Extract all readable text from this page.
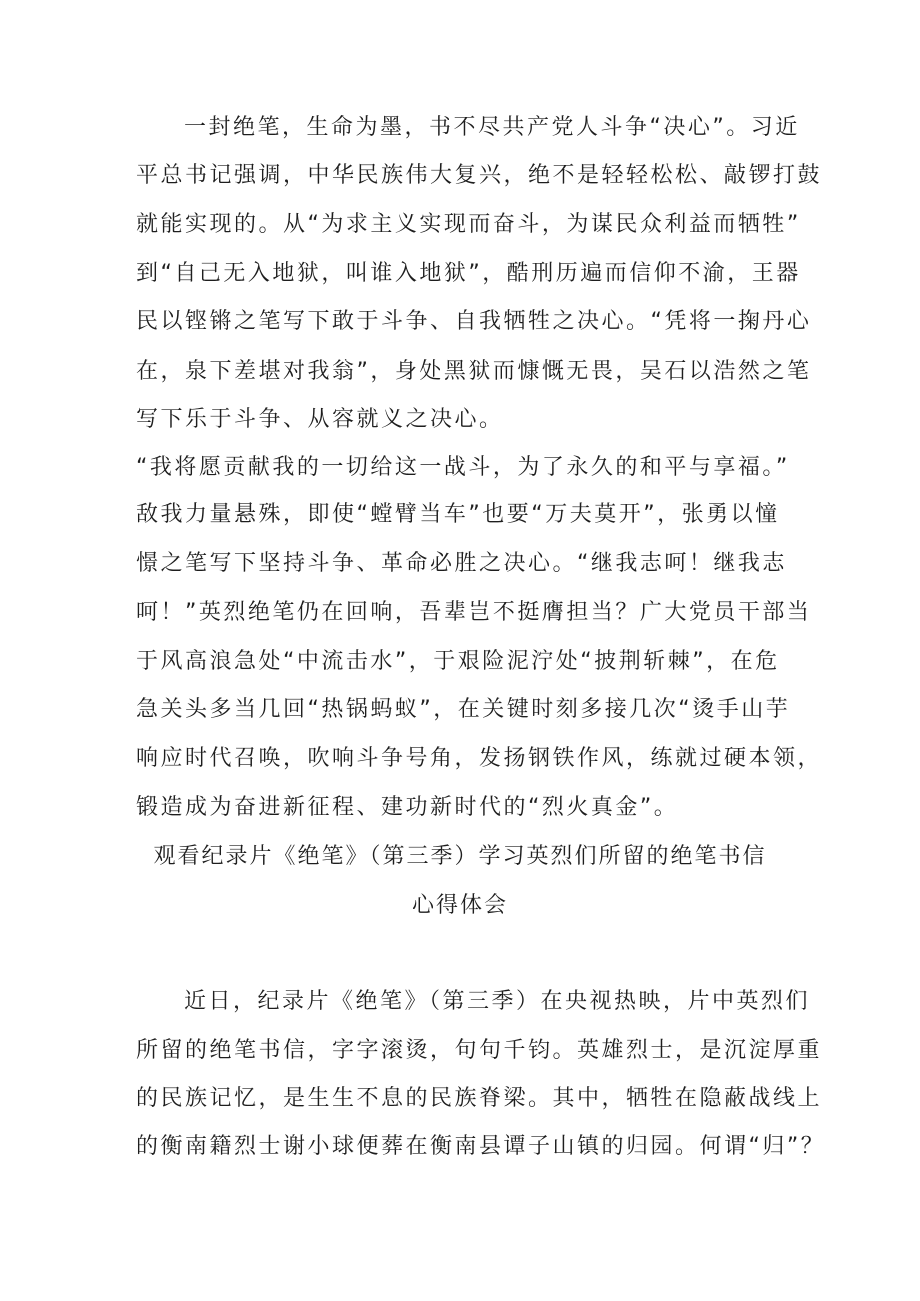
一封绝笔，生命为墨，书不尽共产党人斗争“决心”。习近
平总书记强调，中华民族伟大复兴，绝不是轻轻松松、敲锣打鼓
就能实现的。从“为求主义实现而奋斗，为谋民众利益而牺牲”
到“自己无入地狱，叫谁入地狱”，酷刑历遍而信仰不渝，王器
民以铿锵之笔写下敢于斗争、自我牺牲之决心。“凭将一掬丹心
在，泉下差堪对我翁”，身处黑狱而慷慨无畏，吴石以浩然之笔
写下乐于斗争、从容就义之决心。
“我将愿贡献我的一切给这一战斗，为了永久的和平与享福。”
敌我力量悬殊，即使“螳臂当车”也要“万夫莫开”，张勇以憧
憬之笔写下坚持斗争、革命必胜之决心。“继我志呵！继我志
呵！”英烈绝笔仍在回响，吾辈岂不挺膺担当？广大党员干部当
于风高浪急处“中流击水”，于艰险泥泞处“披荆斩棘”，在危
急关头多当几回“热锅蚂蚁”，在关键时刻多接几次“烫手山芋
响应时代召唤，吹响斗争号角，发扬钢铁作风，练就过硬本领，
锻造成为奋进新征程、建功新时代的“烈火真金”。
观看纪录片《绝笔》（第三季）学习英烈们所留的绝笔书信
心得体会
近日，纪录片《绝笔》（第三季）在央视热映，片中英烈们
所留的绝笔书信，字字滚烫，句句千钧。英雄烈士，是沉淀厚重
的民族记忆，是生生不息的民族脊梁。其中，牺牲在隐蔽战线上
的衡南籍烈士谢小球便葬在衡南县谭子山镇的归园。何谓“归”？
